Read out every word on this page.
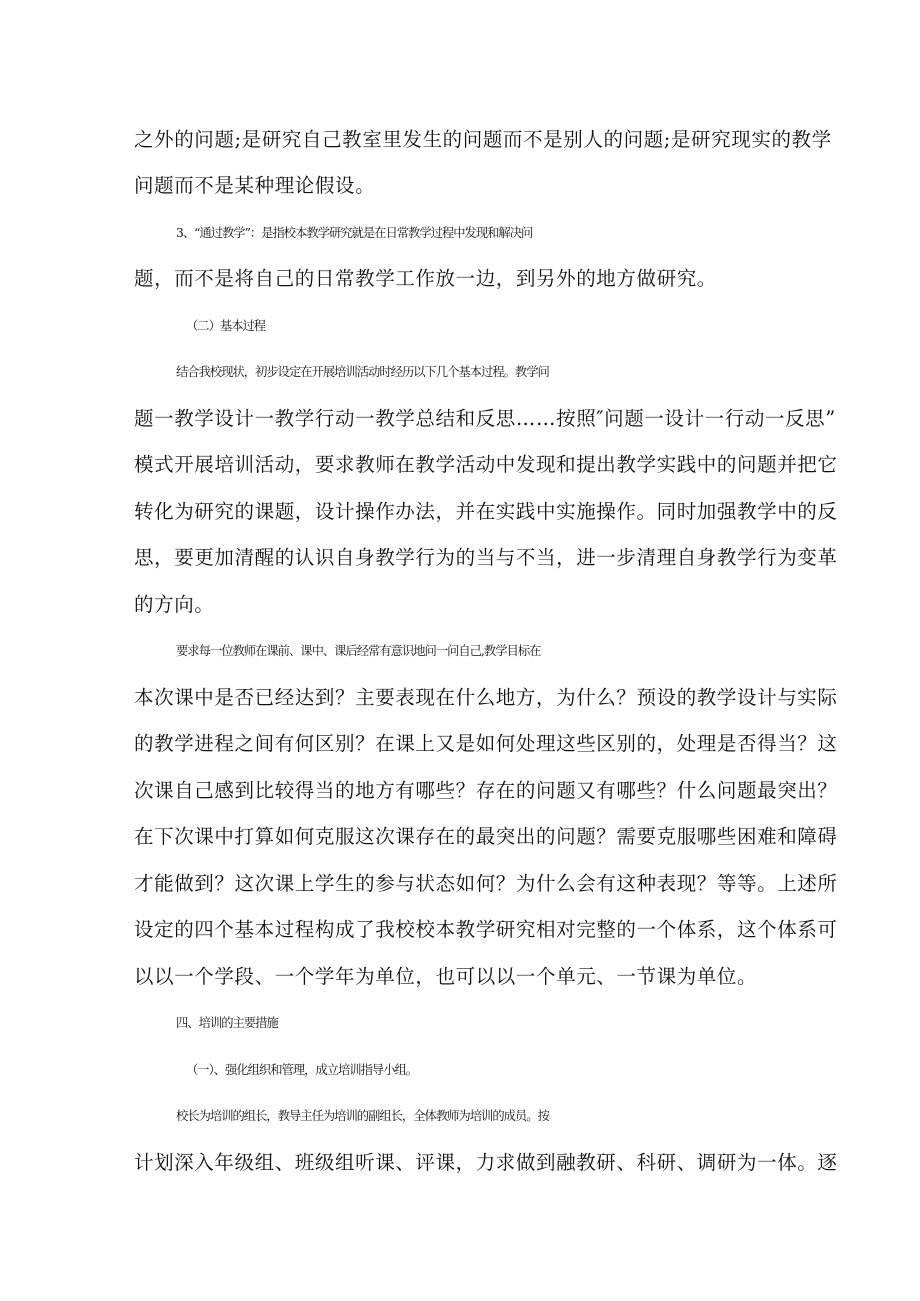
之外的问题;是研究自己教室里发生的问题而不是别人的问题;是研究现实的教学
问题而不是某种理论假设。
3、“通过教学”：是指校本教学研究就是在日常教学过程中发现和解决问
题，而不是将自己的日常教学工作放一边，到另外的地方做研究。
（二）基本过程
结合我校现状，初步设定在开展培训活动时经历以下几个基本过程。教学问
题一教学设计一教学行动一教学总结和反思……按照″问题一设计一行动一反思”
模式开展培训活动，要求教师在教学活动中发现和提出教学实践中的问题并把它
转化为研究的课题，设计操作办法，并在实践中实施操作。同时加强教学中的反
思，要更加清醒的认识自身教学行为的当与不当，进一步清理自身教学行为变革
的方向。
要求每一位教师在课前、课中、课后经常有意识地问一问自己,教学目标在
本次课中是否已经达到？主要表现在什么地方，为什么？预设的教学设计与实际
的教学进程之间有何区别？在课上又是如何处理这些区别的，处理是否得当？这
次课自己感到比较得当的地方有哪些？存在的问题又有哪些？什么问题最突出？
在下次课中打算如何克服这次课存在的最突出的问题？需要克服哪些困难和障碍
才能做到？这次课上学生的参与状态如何？为什么会有这种表现？等等。上述所
设定的四个基本过程构成了我校校本教学研究相对完整的一个体系，这个体系可
以以一个学段、一个学年为单位，也可以以一个单元、一节课为单位。
四、培训的主要措施
（一）、强化组织和管理，成立培训指导小组。
校长为培训的组长，教导主任为培训的副组长，全体教师为培训的成员。按
计划深入年级组、班级组听课、评课，力求做到融教研、科研、调研为一体。逐
